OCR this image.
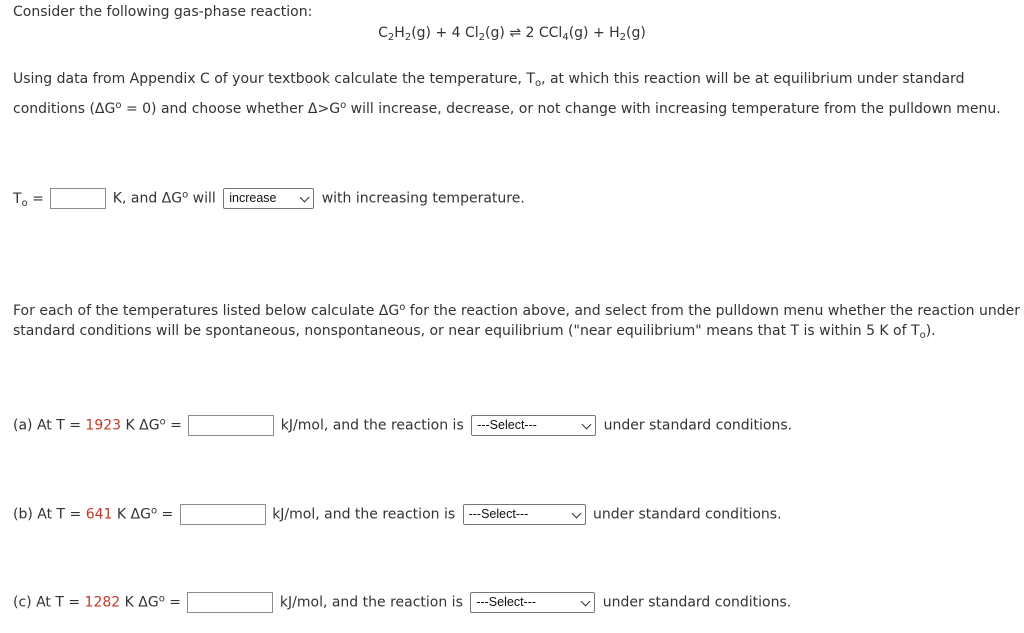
Consider the following gas-phase reaction:
$C_2H_2(g) + 4$ $Cl_2(g)$ ⇌ 2 $CCl_4(g) + H_2(g)$
Using data from Appendix C of your textbook calculate the temperature, $T_o$, at which this reaction will be at equilibrium under standard
conditions $(\Delta G^o = 0)$ and choose whether $\Delta>G^o$ will increase, decrease, or not change with increasing temperature from the pulldown menu.
$T_o$ =	K, and $\Delta G^o$ will increase	with increasing temperature.
For each of the temperatures listed below calculate $\Delta G^o$ for the reaction above, and select from the pulldown menu whether the reaction under
standard conditions will be spontaneous, nonspontaneous, or near equilibrium ("near equilibrium" means that T is within 5 K of $T_o$).
(a) At T = 1923 K $\Delta G^o$ =	kJ/mol, and the reaction is ---Select---	under standard conditions.
(b) At T = 641 K $\Delta G^o$ =	kJ/mol, and the reaction is ---Select---	under standard conditions.
(c) At T = 1282 K $\Delta G^o$ =	kJ/mol, and the reaction is ---Select---	under standard conditions.
